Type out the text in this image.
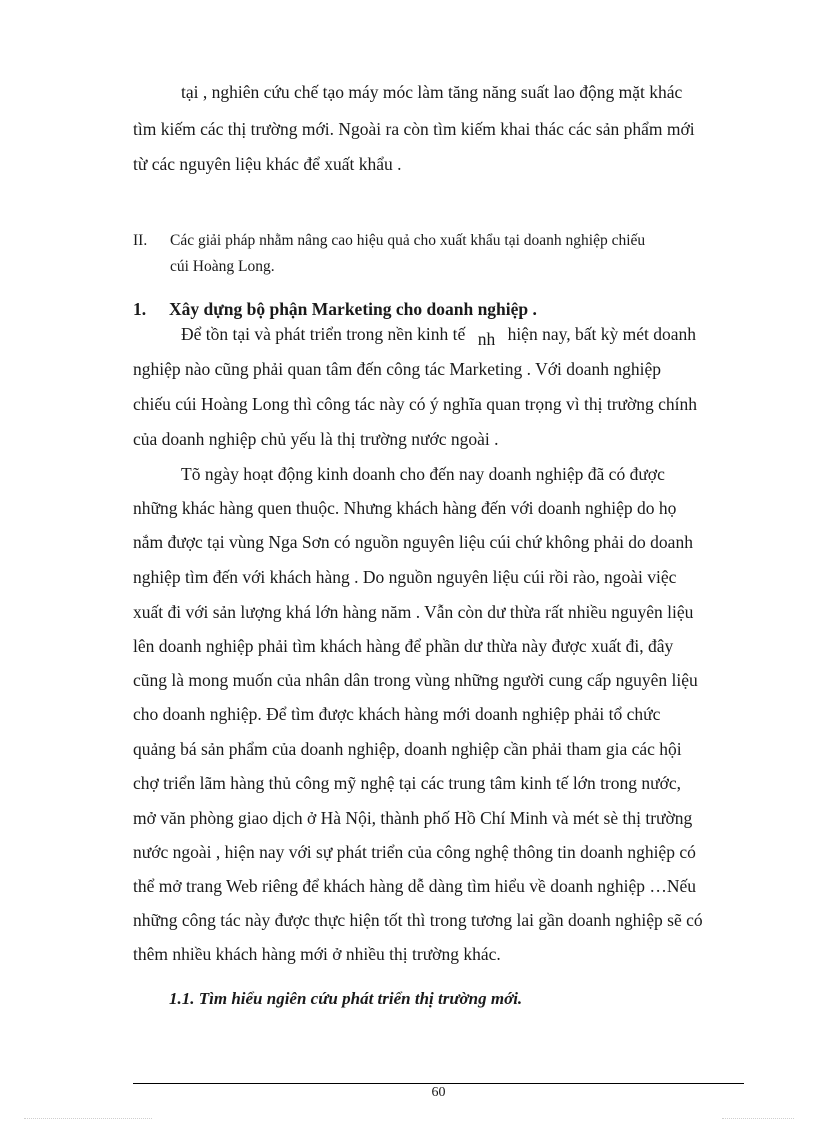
tại , nghiên cứu chế tạo máy móc làm tăng năng suất lao động mặt khác
tìm kiếm các thị trường mới. Ngoài ra còn tìm kiếm khai thác các sản phẩm mới
từ các nguyên liệu khác để xuất khẩu .
II. Các giải pháp nhằm nâng cao hiệu quả cho xuất khẩu tại doanh nghiệp chiếu
cúi Hoàng Long.
1. Xây dựng bộ phận Marketing cho doanh nghiệp .
Để tồn tại và phát triển trong nền kinh tế nh hiện nay, bất kỳ mét doanh
nghiệp nào cũng phải quan tâm đến công tác Marketing . Với doanh nghiệp
chiếu cúi Hoàng Long thì công tác này có ý nghĩa quan trọng vì thị trường chính
của doanh nghiệp chủ yếu là thị trường nước ngoài .
Tõ ngày hoạt động kinh doanh cho đến nay doanh nghiệp đã có được
những khác hàng quen thuộc. Nhưng khách hàng đến với doanh nghiệp do họ
nắm được tại vùng Nga Sơn có nguồn nguyên liệu cúi chứ không phải do doanh
nghiệp tìm đến với khách hàng . Do nguồn nguyên liệu cúi rồi rào, ngoài việc
xuất đi với sản lượng khá lớn hàng năm . Vẫn còn dư thừa rất nhiều nguyên liệu
lên doanh nghiệp phải tìm khách hàng để phần dư thừa này được xuất đi, đây
cũng là mong muốn của nhân dân trong vùng những người cung cấp nguyên liệu
cho doanh nghiệp. Để tìm được khách hàng mới doanh nghiệp phải tổ chức
quảng bá sản phẩm của doanh nghiệp, doanh nghiệp cần phải tham gia các hội
chợ triển lãm hàng thủ công mỹ nghệ tại các trung tâm kinh tế lớn trong nước,
mở văn phòng giao dịch ở Hà Nội, thành phố Hồ Chí Minh và mét sè thị trường
nước ngoài , hiện nay với sự phát triển của công nghệ thông tin doanh nghiệp có
thể mở trang Web riêng để khách hàng dễ dàng tìm hiểu về doanh nghiệp …Nếu
những công tác này được thực hiện tốt thì trong tương lai gần doanh nghiệp sẽ có
thêm nhiều khách hàng mới ở nhiều thị trường khác.
1.1. Tìm hiểu ngiên cứu phát triển thị trường mới.
60
